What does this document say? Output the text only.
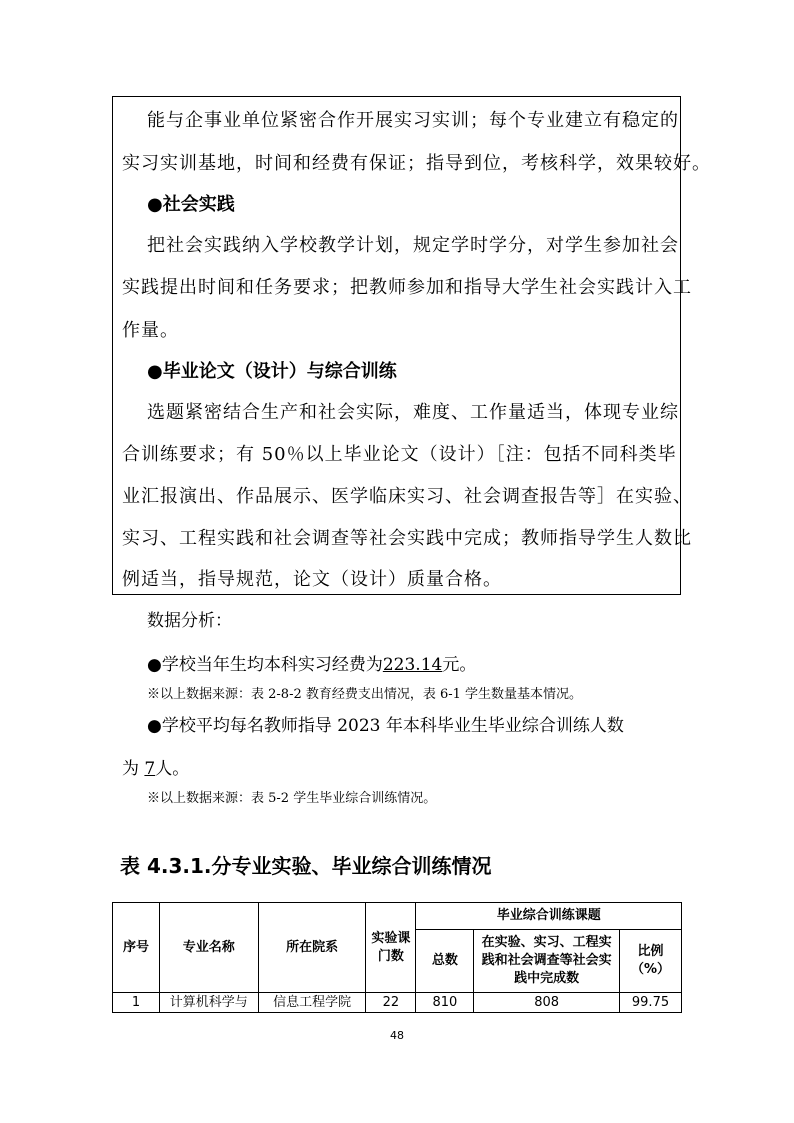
能与企事业单位紧密合作开展实习实训；每个专业建立有稳定的
实习实训基地，时间和经费有保证；指导到位，考核科学，效果较好。
●社会实践
把社会实践纳入学校教学计划，规定学时学分，对学生参加社会
实践提出时间和任务要求；把教师参加和指导大学生社会实践计入工
作量。
●毕业论文（设计）与综合训练
选题紧密结合生产和社会实际，难度、工作量适当，体现专业综
合训练要求；有 50％以上毕业论文（设计）［注：包括不同科类毕
业汇报演出、作品展示、医学临床实习、社会调查报告等］在实验、
实习、工程实践和社会调查等社会实践中完成；教师指导学生人数比
例适当，指导规范，论文（设计）质量合格。
数据分析：
●学校当年生均本科实习经费为223.14元。
※以上数据来源：表 2-8-2 教育经费支出情况，表 6-1 学生数量基本情况。
●学校平均每名教师指导 2023 年本科毕业生毕业综合训练人数
为 7人。
※以上数据来源：表 5-2 学生毕业综合训练情况。
表 4.3.1.分专业实验、毕业综合训练情况
序号	专业名称	所在院系	实验课门数	毕业综合训练课题		
				总数	在实验、实习、工程实践和社会调查等社会实践中完成数	比例（%）
1	计算机科学与	信息工程学院	22	810	808	99.75
48
